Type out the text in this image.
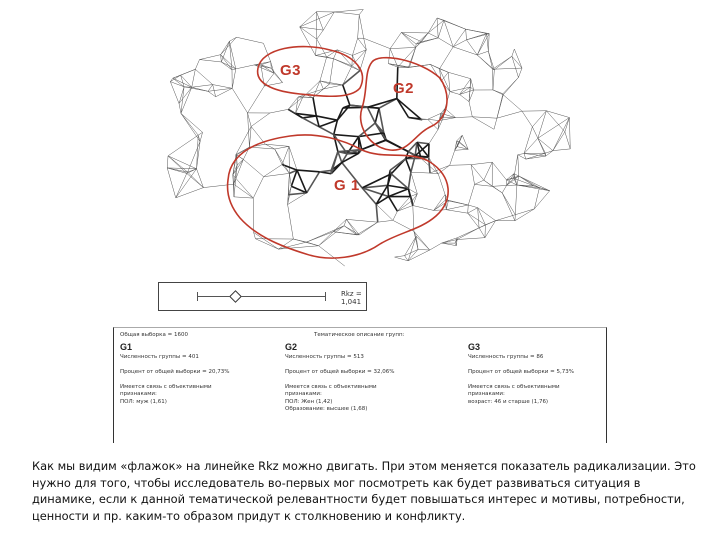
G3
G2
G 1
Rkz = 1,041
Общая выборка = 1600	Тематическое описание групп:
G1
Численность группы = 401

Процент от общей выборки = 20,73%

Имеется связь с объективными
признаками:
ПОЛ: муж (1,61)
G2
Численность группы = 513

Процент от общей выборки = 32,06%

Имеется связь с объективными
признаками:
ПОЛ: Жен (1,42)
Образование: высшее (1,68)
G3
Численность группы = 86

Процент от общей выборки = 5,73%

Имеется связь с объективными
признаками:
возраст: 46 и старше (1,76)
Как мы видим «флажок» на линейке Rkz можно двигать. При этом меняется показатель радикализации. Это нужно для того, чтобы исследователь во-первых мог посмотреть как будет развиваться ситуация в динамике, если к данной тематической релевантности будет повышаться интерес и мотивы, потребности, ценности и пр. каким-то образом придут к столкновению и конфликту.
